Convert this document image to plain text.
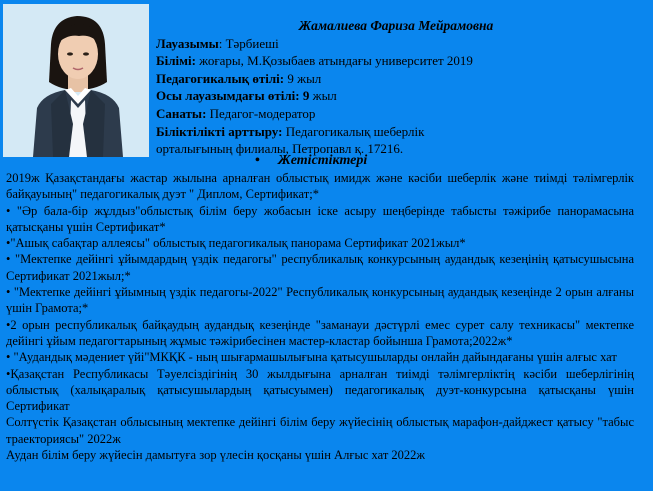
Жамалиева Фариза Мейрамовна
Лауазымы: Тәрбиеші
Білімі: жоғары, М.Қозыбаев атындағы университет 2019
Педагогикалық өтілі: 9 жыл
Осы лауазымдағы өтілі: 9 жыл
Санаты: Педагог-модератор
Біліктілікті арттыру: Педагогикалық шеберлік орталығының филиалы, Петропавл қ. 17216.
• Жетістіктері

2019ж Қазақстандағы жастар жылына арналған облыстық имидж және кәсіби шеберлік және тиімді тәлімгерлік байқауының" педагогикалық дуэт " Диплом, Сертификат;*

• "Әр бала-бір жұлдыз"облыстық білім беру жобасын іске асыру шеңберінде табысты тәжірибе панорамасына қатысқаны үшін Сертификат*

•"Ашық сабақтар аллеясы" облыстық педагогикалық панорама Сертификат 2021жыл*

• "Мектепке дейінгі ұйымдардың үздік педагогы" республикалық конкурсының аудандық кезеңінің қатысушысына Сертификат 2021жыл;*

• "Мектепке дейінгі ұйымның үздік педагогы-2022" Республикалық конкурсының аудандық кезеңінде 2 орын алғаны үшін Грамота;*

•2 орын республикалық байқаудың аудандық кезеңінде "заманауи дәстүрлі емес сурет салу техникасы" мектепке дейінгі ұйым педагогтарының жұмыс тәжірибесінен мастер-кластар бойынша Грамота;2022ж*

• "Аудандық мәдениет үйі"МКҚК - ның шығармашылығына қатысушыларды онлайн дайындағаны үшін алғыс хат

•Қазақстан Республикасы Тәуелсіздігінің 30 жылдығына арналған тиімді тәлімгерліктің кәсіби шеберлігінің облыстық (халықаралық қатысушылардың қатысуымен) педагогикалық дуэт-конкурсына қатысқаны үшін Сертификат

Солтүстік Қазақстан облысының мектепке дейінгі білім беру жүйесінің облыстық марафон-дайджест қатысу "табыс траекториясы" 2022ж

Аудан білім беру жүйесін дамытуға зор үлесін қосқаны үшін Алғыс хат 2022ж
